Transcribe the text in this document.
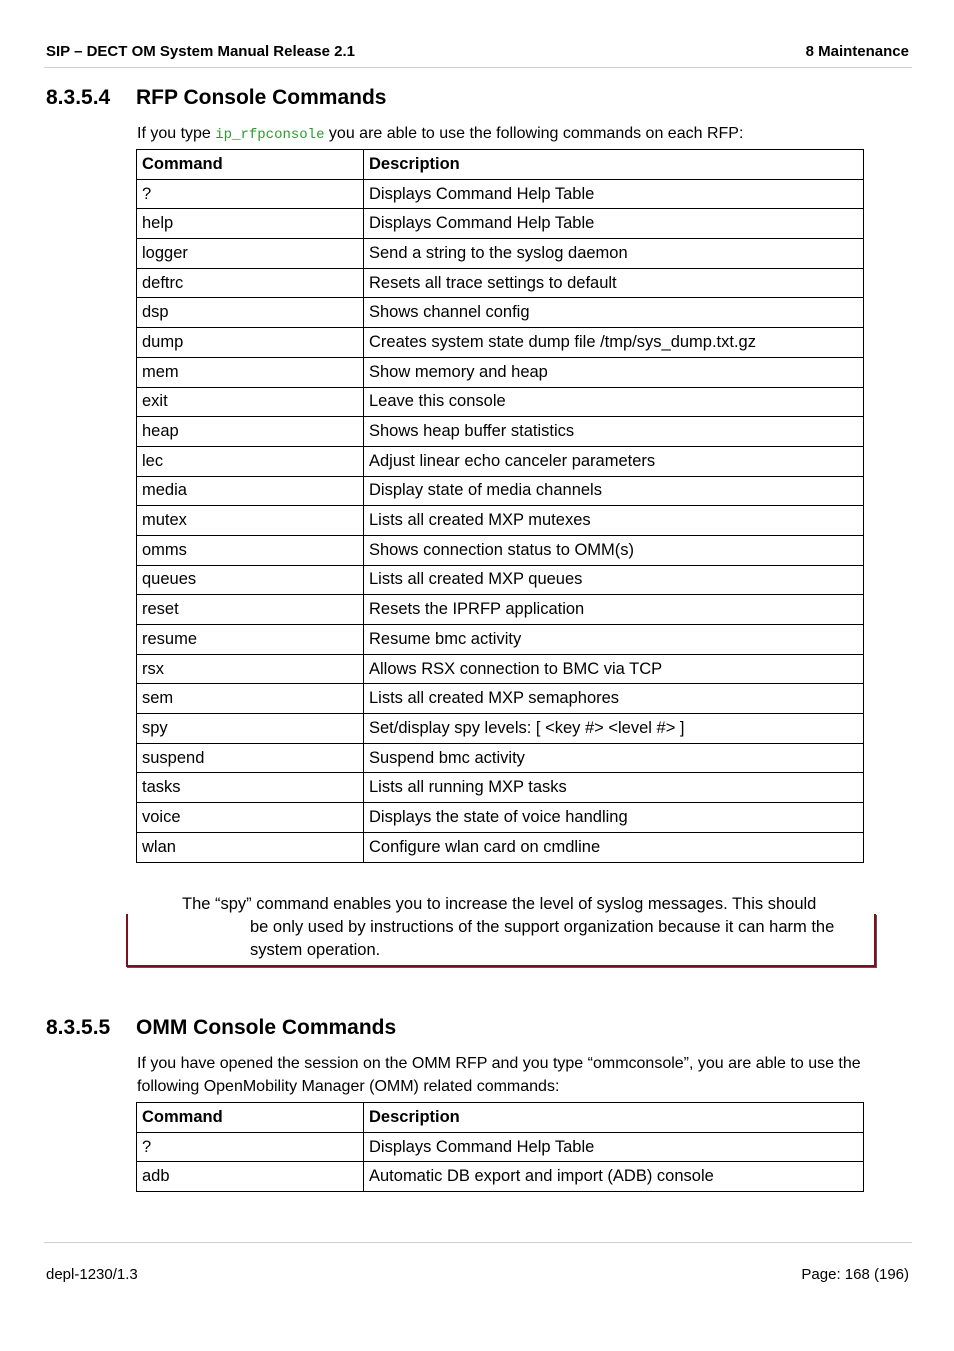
SIP – DECT OM System Manual Release 2.1	8 Maintenance
8.3.5.4 RFP Console Commands
If you type ip_rfpconsole you are able to use the following commands on each RFP:
Command	Description
?	Displays Command Help Table
help	Displays Command Help Table
logger	Send a string to the syslog daemon
deftrc	Resets all trace settings to default
dsp	Shows channel config
dump	Creates system state dump file /tmp/sys_dump.txt.gz
mem	Show memory and heap
exit	Leave this console
heap	Shows heap buffer statistics
lec	Adjust linear echo canceler parameters
media	Display state of media channels
mutex	Lists all created MXP mutexes
omms	Shows connection status to OMM(s)
queues	Lists all created MXP queues
reset	Resets the IPRFP application
resume	Resume bmc activity
rsx	Allows RSX connection to BMC via TCP
sem	Lists all created MXP semaphores
spy	Set/display spy levels: [ <key #> <level #> ]
suspend	Suspend bmc activity
tasks	Lists all running MXP tasks
voice	Displays the state of voice handling
wlan	Configure wlan card on cmdline
The “spy” command enables you to increase the level of syslog messages. This should
be only used by instructions of the support organization because it can harm the system operation.
8.3.5.5 OMM Console Commands
If you have opened the session on the OMM RFP and you type “ommconsole”, you are able to use the following OpenMobility Manager (OMM) related commands:
Command	Description
?	Displays Command Help Table
adb	Automatic DB export and import (ADB) console
depl-1230/1.3	Page: 168 (196)
